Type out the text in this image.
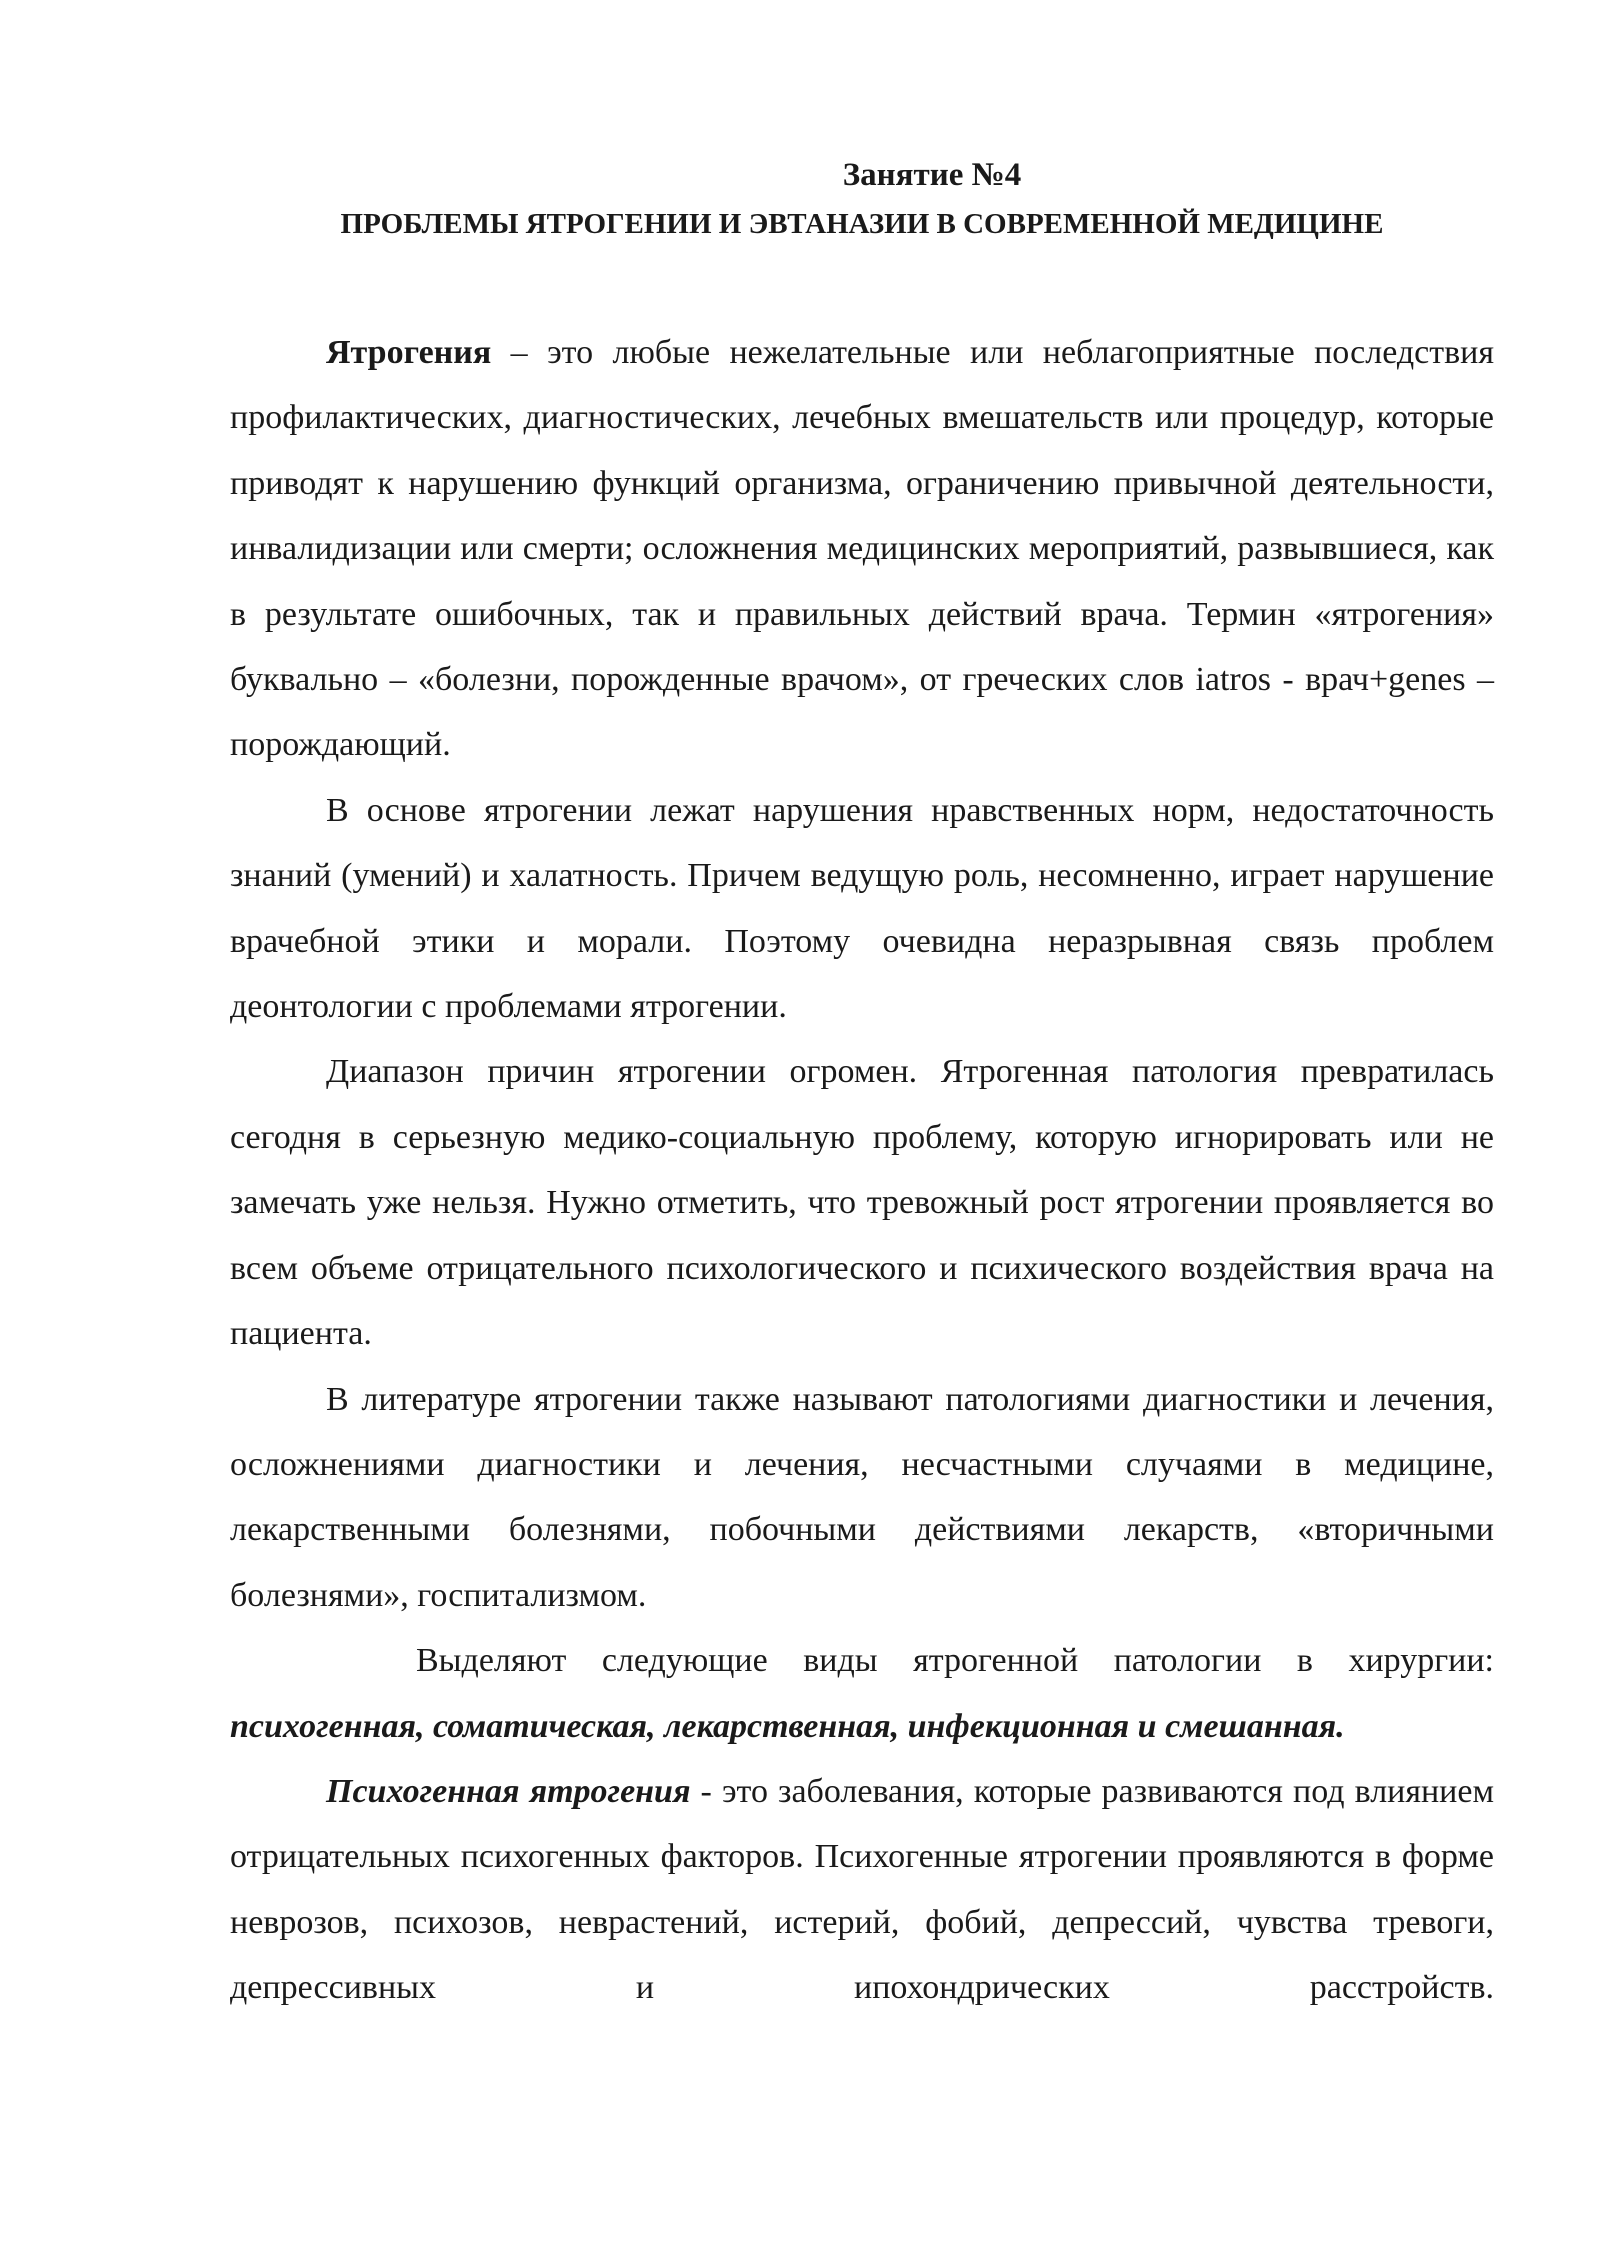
Занятие №4
ПРОБЛЕМЫ ЯТРОГЕНИИ И ЭВТАНАЗИИ В СОВРЕМЕННОЙ МЕДИЦИНЕ

Ятрогения – это любые нежелательные или неблагоприятные последствия профилактических, диагностических, лечебных вмешательств или процедур, которые приводят к нарушению функций организма, ограничению привычной деятельности, инвалидизации или смерти; осложнения медицинских мероприятий, развывшиеся, как в результате ошибочных, так и правильных действий врача. Термин «ятрогения» буквально – «болезни, порожденные врачом», от греческих слов iatros - врач+genes – порождающий.

В основе ятрогении лежат нарушения нравственных норм, недостаточность знаний (умений) и халатность. Причем ведущую роль, несомненно, играет нарушение врачебной этики и морали. Поэтому очевидна неразрывная связь проблем деонтологии с проблемами ятрогении.

Диапазон причин ятрогении огромен. Ятрогенная патология превратилась сегодня в серьезную медико-социальную проблему, которую игнорировать или не замечать уже нельзя. Нужно отметить, что тревожный рост ятрогении проявляется во всем объеме отрицательного психологического и психического воздействия врача на пациента.

В литературе ятрогении также называют патологиями диагностики и лечения, осложнениями диагностики и лечения, несчастными случаями в медицине, лекарственными болезнями, побочными действиями лекарств, «вторичными болезнями», госпитализмом.

Выделяют следующие виды ятрогенной патологии в хирургии: психогенная, соматическая, лекарственная, инфекционная и смешанная.

Психогенная ятрогения - это заболевания, которые развиваются под влиянием отрицательных психогенных факторов. Психогенные ятрогении проявляются в форме неврозов, психозов, неврастений, истерий, фобий, депрессий, чувства тревоги, депрессивных и ипохондрических расстройств.
